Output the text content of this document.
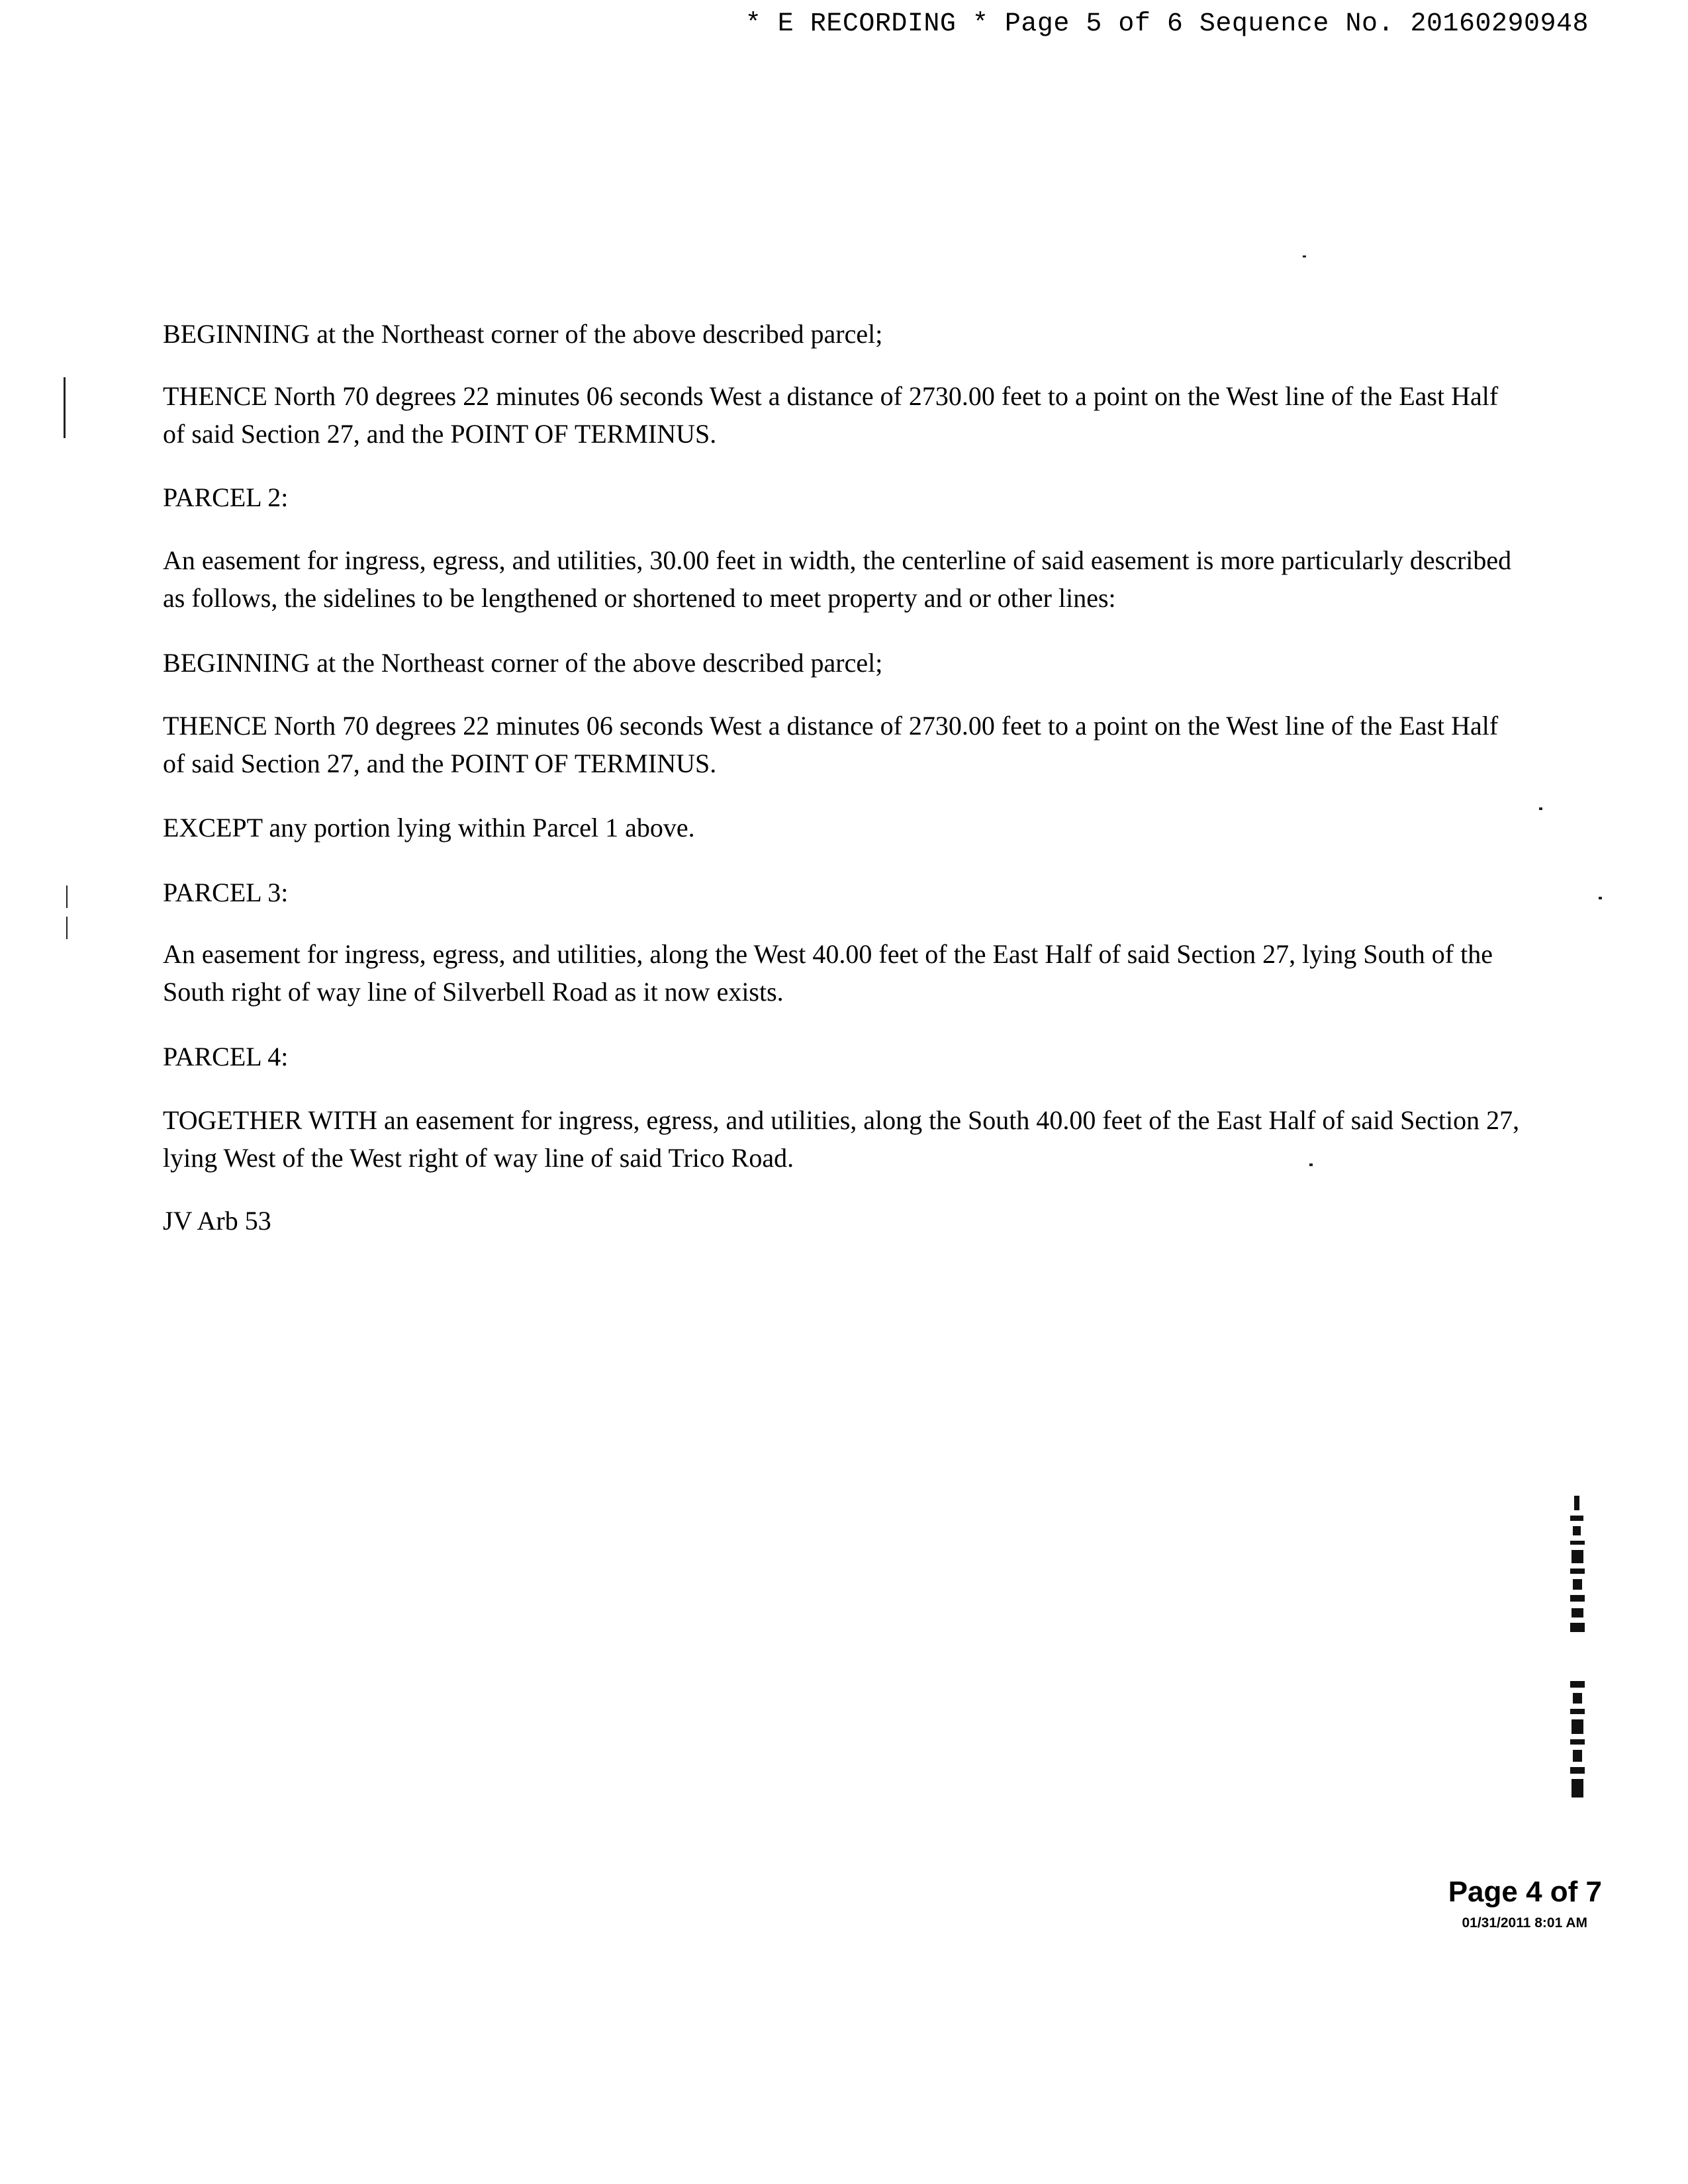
* E RECORDING * Page 5 of 6 Sequence No. 20160290948

BEGINNING at the Northeast corner of the above described parcel;

THENCE North 70 degrees 22 minutes 06 seconds West a distance of 2730.00 feet to a point on the West line of the East Half of said Section 27, and the POINT OF TERMINUS.

PARCEL 2:

An easement for ingress, egress, and utilities, 30.00 feet in width, the centerline of said easement is more particularly described as follows, the sidelines to be lengthened or shortened to meet property and or other lines:

BEGINNING at the Northeast corner of the above described parcel;

THENCE North 70 degrees 22 minutes 06 seconds West a distance of 2730.00 feet to a point on the West line of the East Half of said Section 27, and the POINT OF TERMINUS.

EXCEPT any portion lying within Parcel 1 above.

PARCEL 3:

An easement for ingress, egress, and utilities, along the West 40.00 feet of the East Half of said Section 27, lying South of the South right of way line of Silverbell Road as it now exists.

PARCEL 4:

TOGETHER WITH an easement for ingress, egress, and utilities, along the South 40.00 feet of the East Half of said Section 27, lying West of the West right of way line of said Trico Road.

JV Arb 53

Page 4 of 7
01/31/2011 8:01 AM
